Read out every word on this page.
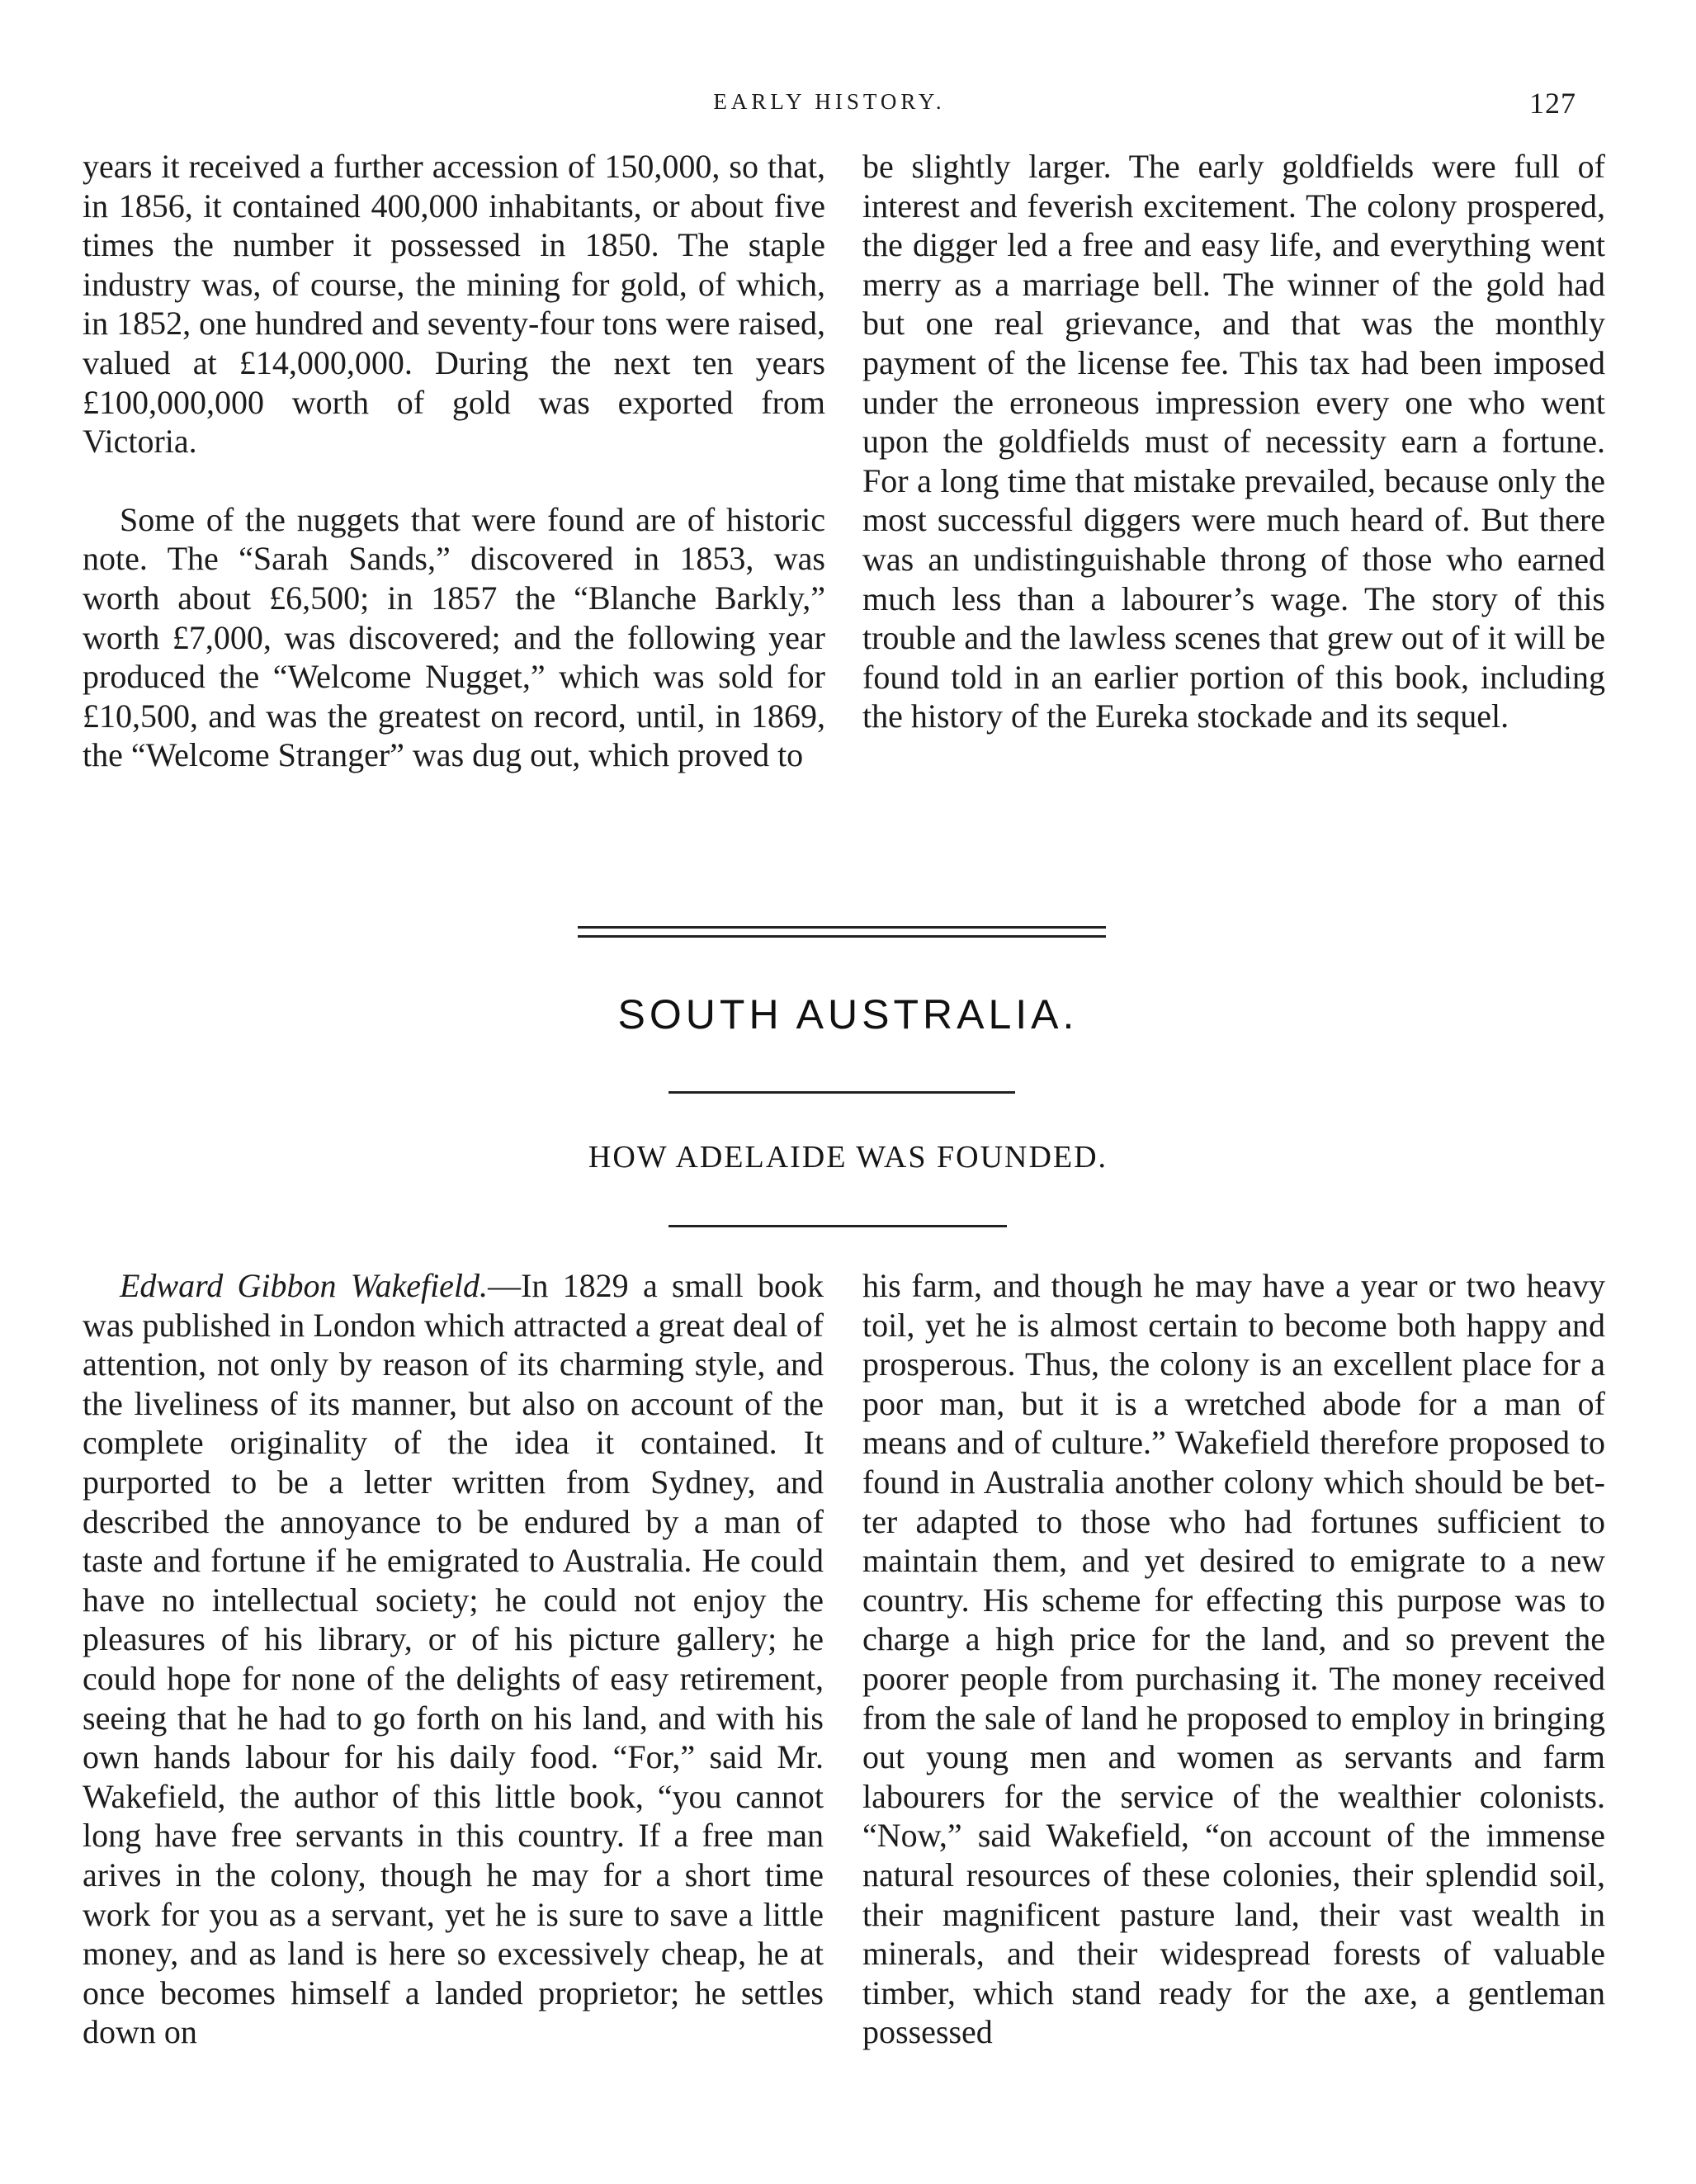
EARLY HISTORY.	127

years it received a further accession of 150,000, so that, in 1856, it contained 400,000 inhabitants, or about five times the number it possessed in 1850. The staple industry was, of course, the mining for gold, of which, in 1852, one hundred and seventy-four tons were raised, valued at £14,000,000. During the next ten years £100,000,000 worth of gold was exported from Victoria.

Some of the nuggets that were found are of historic note. The “Sarah Sands,” discovered in 1853, was worth about £6,500; in 1857 the “Blanche Barkly,” worth £7,000, was discovered; and the following year produced the “Welcome Nugget,” which was sold for £10,500, and was the greatest on record, until, in 1869, the “Welcome Stranger” was dug out, which proved to

be slightly larger. The early goldfields were full of interest and feverish excitement. The colony prospered, the digger led a free and easy life, and everything went merry as a marriage bell. The winner of the gold had but one real grievance, and that was the monthly payment of the license fee. This tax had been imposed under the erroneous impression every one who went upon the goldfields must of necessity earn a fortune. For a long time that mistake prevailed, because only the most successful diggers were much heard of. But there was an undistinguishable throng of those who earned much less than a labourer’s wage. The story of this trouble and the lawless scenes that grew out of it will be found told in an earlier portion of this book, including the history of the Eureka stockade and its sequel.

SOUTH AUSTRALIA.
HOW ADELAIDE WAS FOUNDED.

Edward Gibbon Wakefield.—In 1829 a small book was published in London which attracted a great deal of attention, not only by reason of its charming style, and the liveliness of its manner, but also on account of the complete originality of the idea it contained. It purported to be a letter written from Sydney, and described the annoyance to be endured by a man of taste and fortune if he emigrated to Australia. He could have no intellectual society; he could not enjoy the pleasures of his library, or of his picture gallery; he could hope for none of the delights of easy retirement, seeing that he had to go forth on his land, and with his own hands labour for his daily food. “For,” said Mr. Wakefield, the author of this little book, “you cannot long have free servants in this country. If a free man arives in the colony, though he may for a short time work for you as a servant, yet he is sure to save a little money, and as land is here so excessively cheap, he at once becomes himself a landed proprietor; he settles down on

his farm, and though he may have a year or two heavy toil, yet he is almost certain to become both happy and prosperous. Thus, the colony is an excellent place for a poor man, but it is a wretched abode for a man of means and of culture.” Wakefield therefore proposed to found in Australia another colony which should be better adapted to those who had fortunes sufficient to maintain them, and yet desired to emigrate to a new country. His scheme for effecting this purpose was to charge a high price for the land, and so prevent the poorer people from purchasing it. The money received from the sale of land he proposed to employ in bringing out young men and women as servants and farm labourers for the service of the wealthier colonists. “Now,” said Wakefield, “on account of the immense natural resources of these colonies, their splendid soil, their magnificent pasture land, their vast wealth in minerals, and their widespread forests of valuable timber, which stand ready for the axe, a gentleman possessed
